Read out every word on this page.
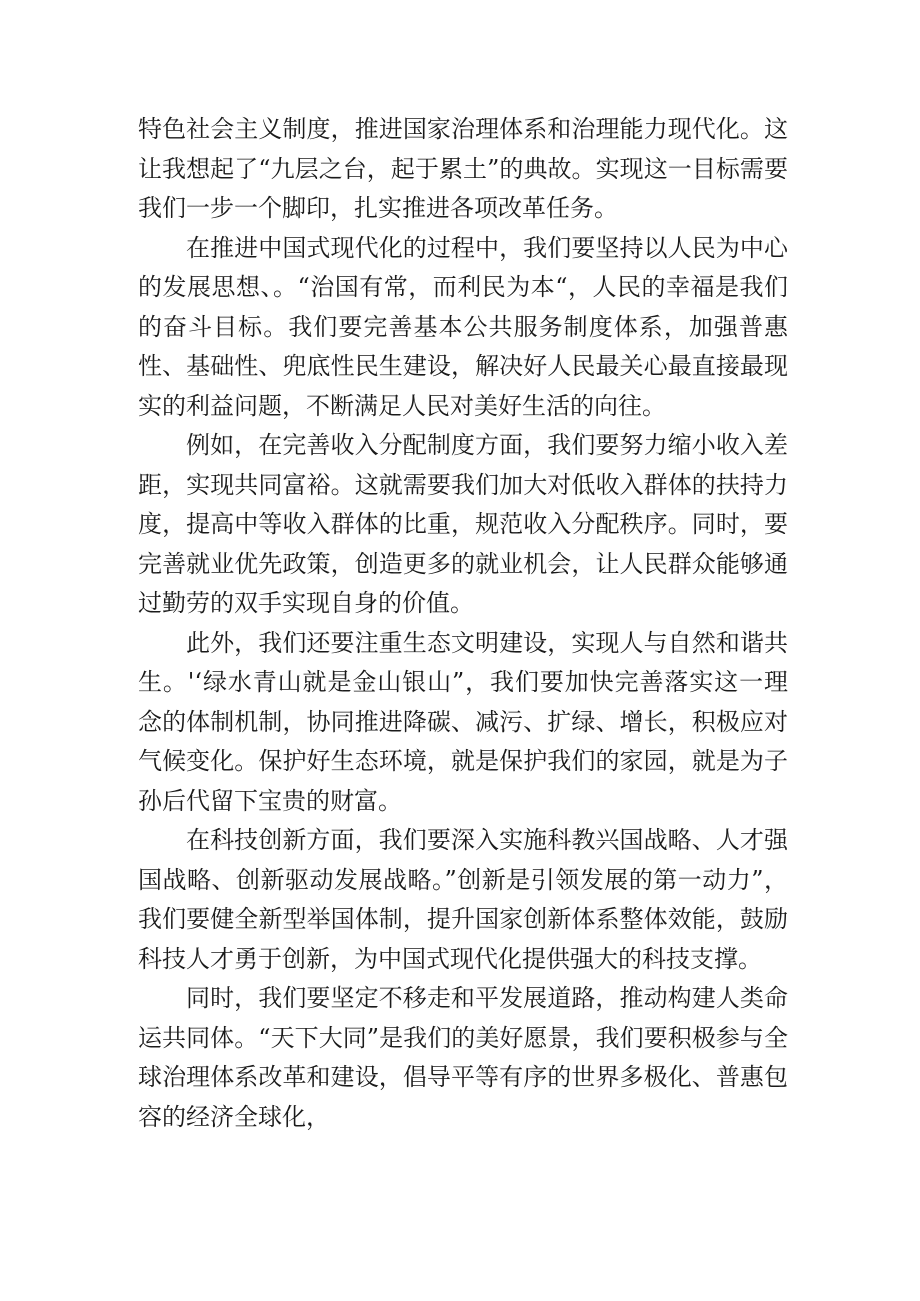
特色社会主义制度，推进国家治理体系和治理能力现代化。这让我想起了“九层之台，起于累土”的典故。实现这一目标需要我们一步一个脚印，扎实推进各项改革任务。

在推进中国式现代化的过程中，我们要坚持以人民为中心的发展思想、。“治国有常，而利民为本“，人民的幸福是我们的奋斗目标。我们要完善基本公共服务制度体系，加强普惠性、基础性、兜底性民生建设，解决好人民最关心最直接最现实的利益问题，不断满足人民对美好生活的向往。

例如，在完善收入分配制度方面，我们要努力缩小收入差距，实现共同富裕。这就需要我们加大对低收入群体的扶持力度，提高中等收入群体的比重，规范收入分配秩序。同时，要完善就业优先政策，创造更多的就业机会，让人民群众能够通过勤劳的双手实现自身的价值。

此外，我们还要注重生态文明建设，实现人与自然和谐共生。'‘绿水青山就是金山银山”，我们要加快完善落实这一理念的体制机制，协同推进降碳、减污、扩绿、增长，积极应对气候变化。保护好生态环境，就是保护我们的家园，就是为子孙后代留下宝贵的财富。

在科技创新方面，我们要深入实施科教兴国战略、人才强国战略、创新驱动发展战略。”创新是引领发展的第一动力”，我们要健全新型举国体制，提升国家创新体系整体效能，鼓励科技人才勇于创新，为中国式现代化提供强大的科技支撑。

同时，我们要坚定不移走和平发展道路，推动构建人类命运共同体。“天下大同”是我们的美好愿景，我们要积极参与全球治理体系改革和建设，倡导平等有序的世界多极化、普惠包容的经济全球化，
